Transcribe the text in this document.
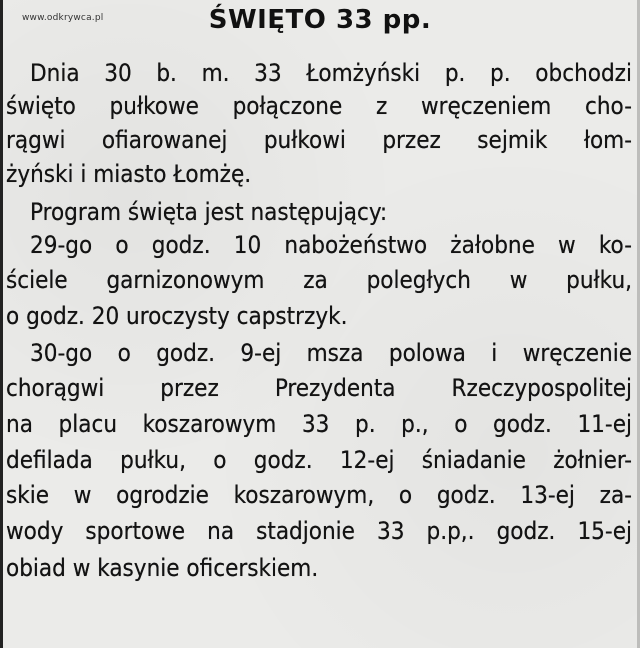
www.odkrywca.pl	ŚWIĘTO 33 pp.
Dnia 30 b. m. 33 Łomżyński p. p. obchodzi
święto pułkowe połączone z wręczeniem cho-
rągwi ofiarowanej pułkowi przez sejmik łom-
żyński i miasto Łomżę.
Program święta jest następujący:
29-go o godz. 10 nabożeństwo żałobne w ko-
ściele garnizonowym za poległych w pułku,
o godz. 20 uroczysty capstrzyk.
30-go o godz. 9-ej msza polowa i wręczenie
chorągwi przez Prezydenta Rzeczypospolitej
na placu koszarowym 33 p. p., o godz. 11-ej
defilada pułku, o godz. 12-ej śniadanie żołnier-
skie w ogrodzie koszarowym, o godz. 13-ej za-
wody sportowe na stadjonie 33 p.p,. godz. 15-ej
obiad w kasynie oficerskiem.
